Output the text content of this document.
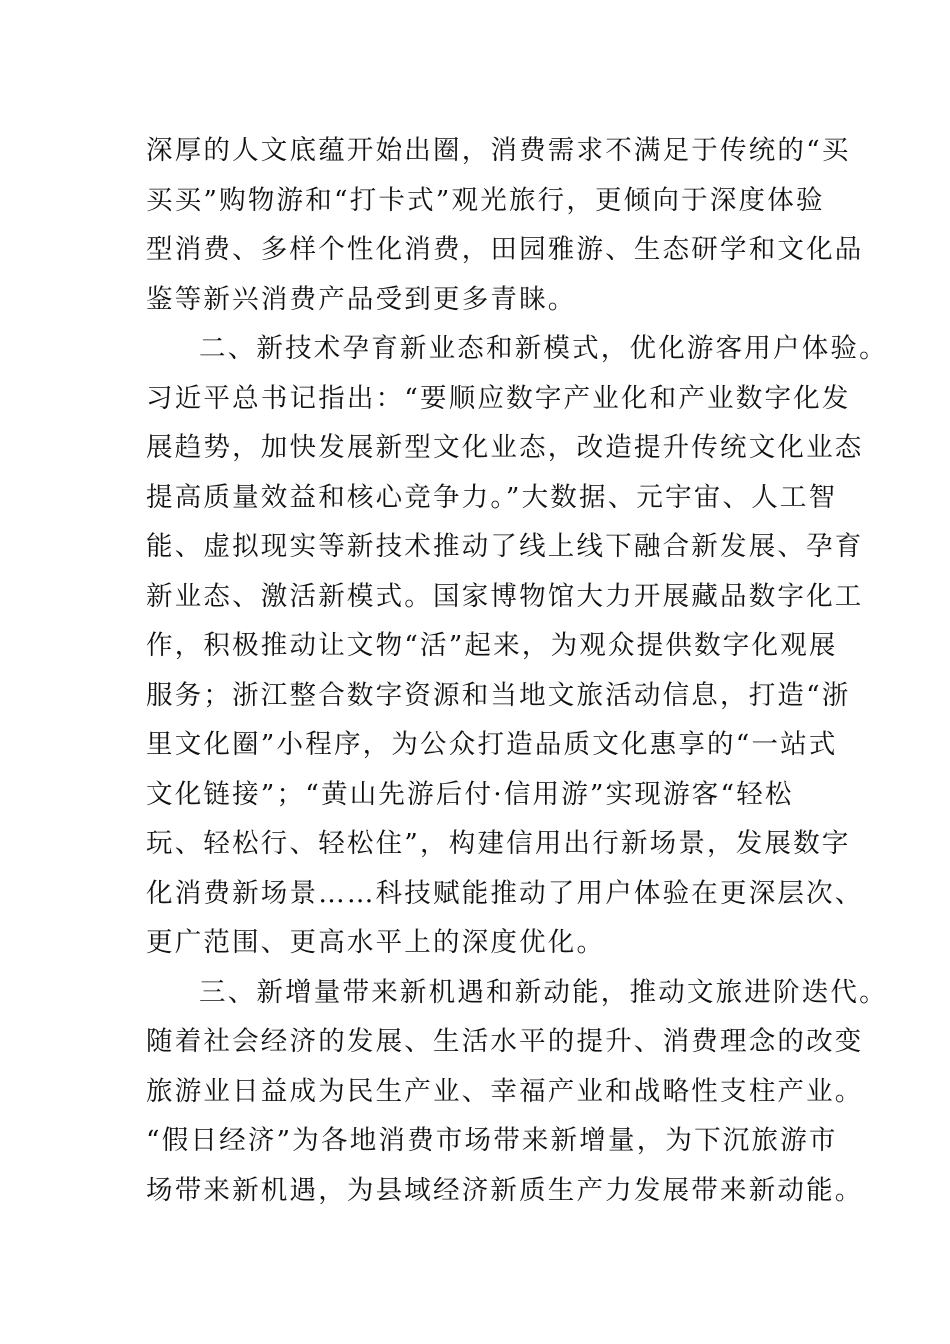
深厚的人文底蕴开始出圈，消费需求不满足于传统的“买
买买”购物游和“打卡式”观光旅行，更倾向于深度体验
型消费、多样个性化消费，田园雅游、生态研学和文化品
鉴等新兴消费产品受到更多青睐。
二、新技术孕育新业态和新模式，优化游客用户体验。
习近平总书记指出：“要顺应数字产业化和产业数字化发
展趋势，加快发展新型文化业态，改造提升传统文化业态
提高质量效益和核心竞争力。”大数据、元宇宙、人工智
能、虚拟现实等新技术推动了线上线下融合新发展、孕育
新业态、激活新模式。国家博物馆大力开展藏品数字化工
作，积极推动让文物“活”起来，为观众提供数字化观展
服务；浙江整合数字资源和当地文旅活动信息，打造“浙
里文化圈”小程序，为公众打造品质文化惠享的“一站式
文化链接”；“黄山先游后付·信用游”实现游客“轻松
玩、轻松行、轻松住”，构建信用出行新场景，发展数字
化消费新场景……科技赋能推动了用户体验在更深层次、
更广范围、更高水平上的深度优化。
三、新增量带来新机遇和新动能，推动文旅进阶迭代。
随着社会经济的发展、生活水平的提升、消费理念的改变
旅游业日益成为民生产业、幸福产业和战略性支柱产业。
“假日经济”为各地消费市场带来新增量，为下沉旅游市
场带来新机遇，为县域经济新质生产力发展带来新动能。
